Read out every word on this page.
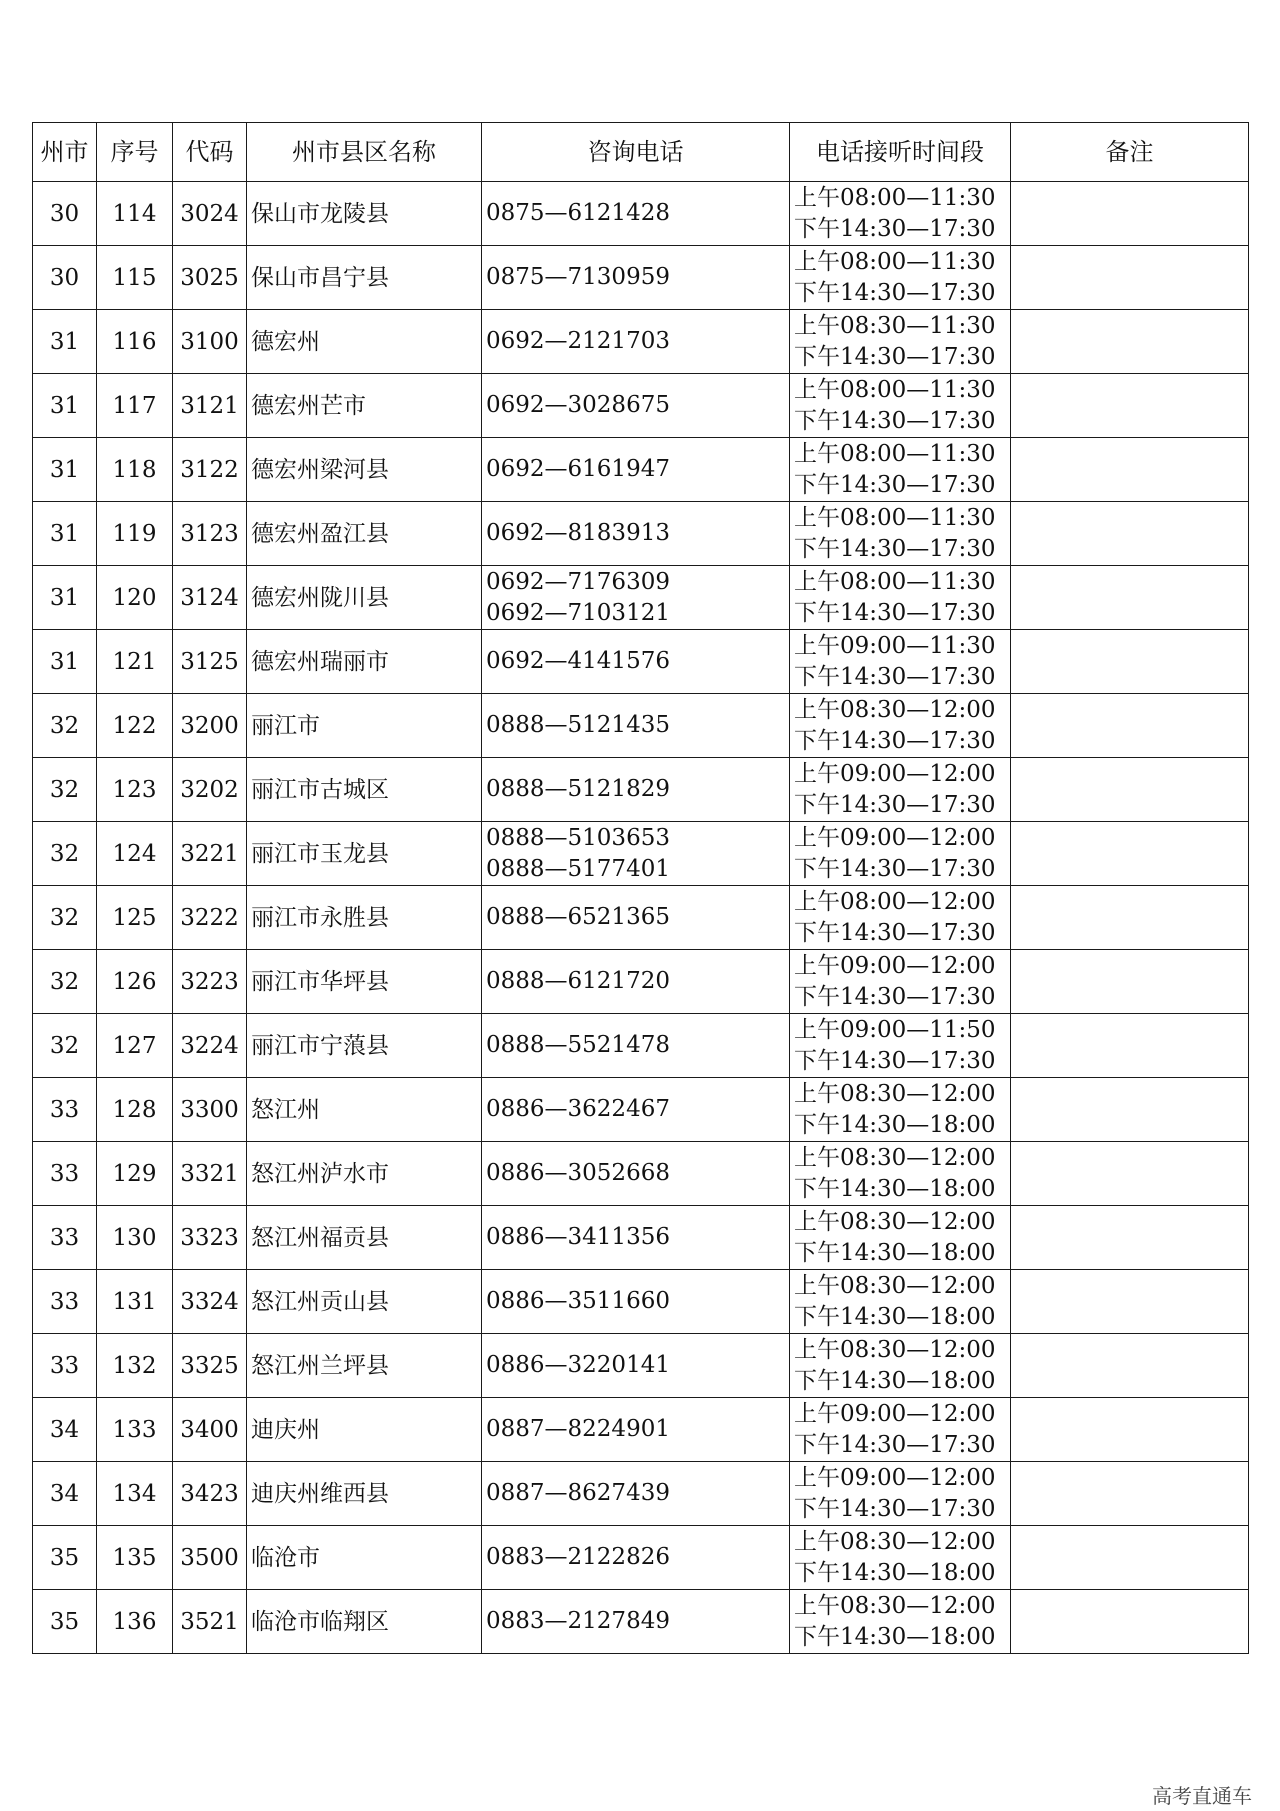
州市	序号	代码	州市县区名称	咨询电话	电话接听时间段	备注
30	114	3024	保山市龙陵县	0875—6121428	上午08:00—11:30
下午14:30—17:30	

30	115	3025	保山市昌宁县	0875—7130959	上午08:00—11:30
下午14:30—17:30	

31	116	3100	德宏州	0692—2121703	上午08:30—11:30
下午14:30—17:30	

31	117	3121	德宏州芒市	0692—3028675	上午08:00—11:30
下午14:30—17:30	

31	118	3122	德宏州梁河县	0692—6161947	上午08:00—11:30
下午14:30—17:30	

31	119	3123	德宏州盈江县	0692—8183913	上午08:00—11:30
下午14:30—17:30	

31	120	3124	德宏州陇川县	0692—7176309
0692—7103121	上午08:00—11:30
下午14:30—17:30	

31	121	3125	德宏州瑞丽市	0692—4141576	上午09:00—11:30
下午14:30—17:30	

32	122	3200	丽江市	0888—5121435	上午08:30—12:00
下午14:30—17:30	

32	123	3202	丽江市古城区	0888—5121829	上午09:00—12:00
下午14:30—17:30	

32	124	3221	丽江市玉龙县	0888—5103653
0888—5177401	上午09:00—12:00
下午14:30—17:30	

32	125	3222	丽江市永胜县	0888—6521365	上午08:00—12:00
下午14:30—17:30	

32	126	3223	丽江市华坪县	0888—6121720	上午09:00—12:00
下午14:30—17:30	

32	127	3224	丽江市宁蒗县	0888—5521478	上午09:00—11:50
下午14:30—17:30	

33	128	3300	怒江州	0886—3622467	上午08:30—12:00
下午14:30—18:00	

33	129	3321	怒江州泸水市	0886—3052668	上午08:30—12:00
下午14:30—18:00	

33	130	3323	怒江州福贡县	0886—3411356	上午08:30—12:00
下午14:30—18:00	

33	131	3324	怒江州贡山县	0886—3511660	上午08:30—12:00
下午14:30—18:00	

33	132	3325	怒江州兰坪县	0886—3220141	上午08:30—12:00
下午14:30—18:00	

34	133	3400	迪庆州	0887—8224901	上午09:00—12:00
下午14:30—17:30	

34	134	3423	迪庆州维西县	0887—8627439	上午09:00—12:00
下午14:30—17:30	

35	135	3500	临沧市	0883—2122826	上午08:30—12:00
下午14:30—18:00	

35	136	3521	临沧市临翔区	0883—2127849	上午08:30—12:00
下午14:30—18:00	

高考直通车
